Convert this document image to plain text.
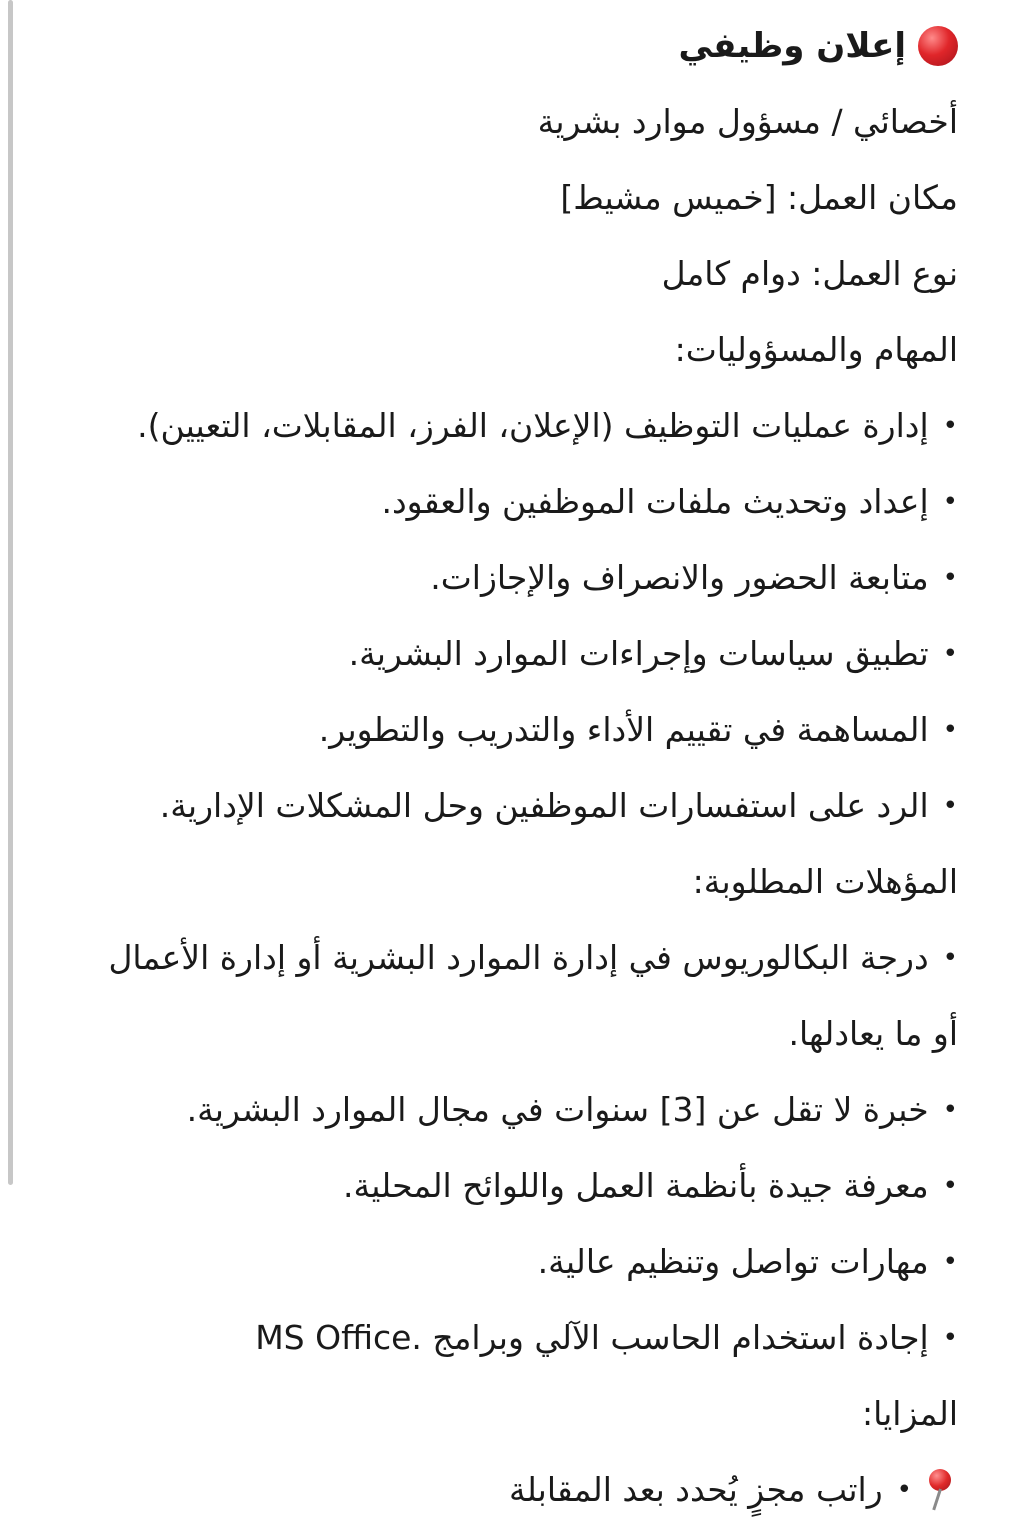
إعلان وظيفي
أخصائي / مسؤول موارد بشرية
مكان العمل: [خميس مشيط]
نوع العمل: دوام كامل
المهام والمسؤوليات:
•
إدارة عمليات التوظيف (الإعلان، الفرز، المقابلات، التعيين).
•
إعداد وتحديث ملفات الموظفين والعقود.
•
متابعة الحضور والانصراف والإجازات.
•
تطبيق سياسات وإجراءات الموارد البشرية.
•
المساهمة في تقييم الأداء والتدريب والتطوير.
•
الرد على استفسارات الموظفين وحل المشكلات الإدارية.
المؤهلات المطلوبة:
•
درجة البكالوريوس في إدارة الموارد البشرية أو إدارة الأعمال
أو ما يعادلها.
•
خبرة لا تقل عن [3] سنوات في مجال الموارد البشرية.
•
معرفة جيدة بأنظمة العمل واللوائح المحلية.
•
مهارات تواصل وتنظيم عالية.
•
إجادة استخدام الحاسب الآلي وبرامج MS Office.
المزايا:
•
راتب مجزٍ يُحدد بعد المقابلة
